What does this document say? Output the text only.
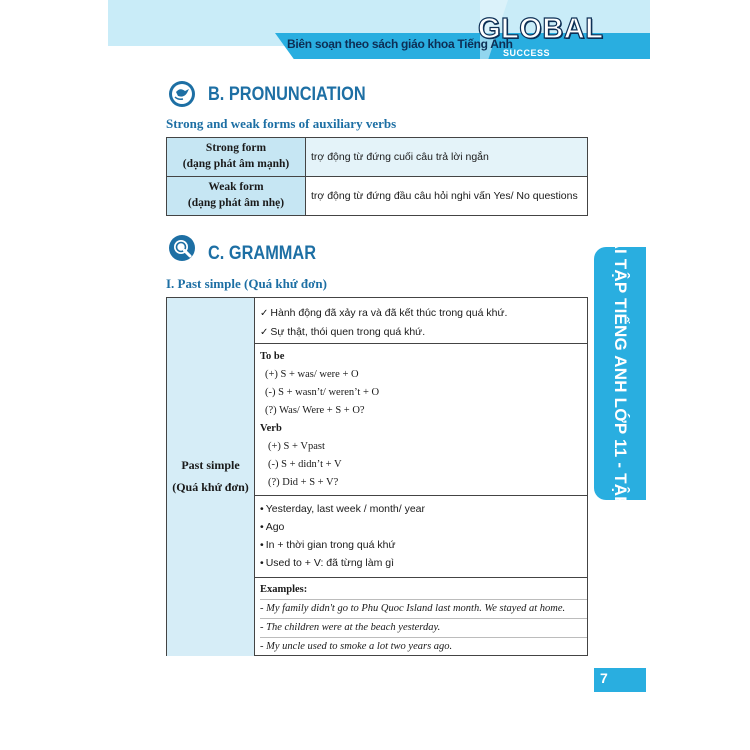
Biên soạn theo sách giáo khoa Tiếng Anh
GLOBAL
SUCCESS
B. PRONUNCIATION
Strong and weak forms of auxiliary verbs
Strong form
(dạng phát âm mạnh)
trợ động từ đứng cuối câu trả lời ngắn
Weak form
(dạng phát âm nhẹ)
trợ động từ đứng đầu câu hỏi nghi vấn Yes/ No questions
C. GRAMMAR
I. Past simple (Quá khứ đơn)
Past simple
(Quá khứ đơn)
✓ Hành động đã xảy ra và đã kết thúc trong quá khứ.
✓ Sự thật, thói quen trong quá khứ.
To be
(+) S + was/ were + O
(-) S + wasn’t/ weren’t + O
(?) Was/ Were + S + O?
Verb
(+) S + Vpast
(-) S + didn’t + V
(?) Did + S + V?
• Yesterday, last week / month/ year
• Ago
• In + thời gian trong quá khứ
• Used to + V: đã từng làm gì
Examples:
- My family didn't go to Phu Quoc Island last month. We stayed at home.
- The children were at the beach yesterday.
- My uncle used to smoke a lot two years ago.
BÀI TẬP TIẾNG ANH LỚP 11 - TẬP 1
7
